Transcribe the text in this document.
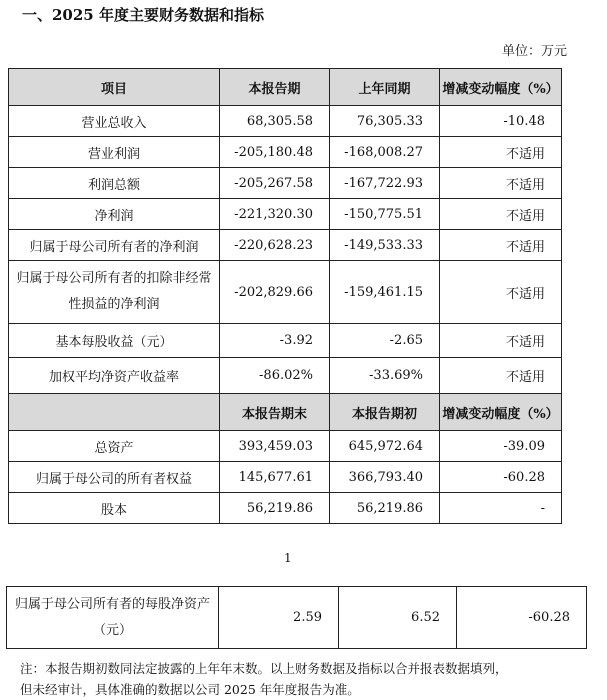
一、2025 年度主要财务数据和指标
单位：万元
项目	本报告期	上年同期	增减变动幅度（%）
营业总收入	68,305.58	76,305.33	-10.48
营业利润	-205,180.48	-168,008.27	不适用
利润总额	-205,267.58	-167,722.93	不适用
净利润	-221,320.30	-150,775.51	不适用
归属于母公司所有者的净利润	-220,628.23	-149,533.33	不适用
归属于母公司所有者的扣除非经常性损益的净利润	-202,829.66	-159,461.15	不适用
基本每股收益（元）	-3.92	-2.65	不适用
加权平均净资产收益率	-86.02%	-33.69%	不适用
	本报告期末	本报告期初	增减变动幅度（%）
总资产	393,459.03	645,972.64	-39.09
归属于母公司的所有者权益	145,677.61	366,793.40	-60.28
股本	56,219.86	56,219.86	-
1
归属于母公司所有者的每股净资产（元）	2.59	6.52	-60.28

注：本报告期初数同法定披露的上年年末数。以上财务数据及指标以合并报表数据填列，

但未经审计，具体准确的数据以公司 2025 年年度报告为准。
